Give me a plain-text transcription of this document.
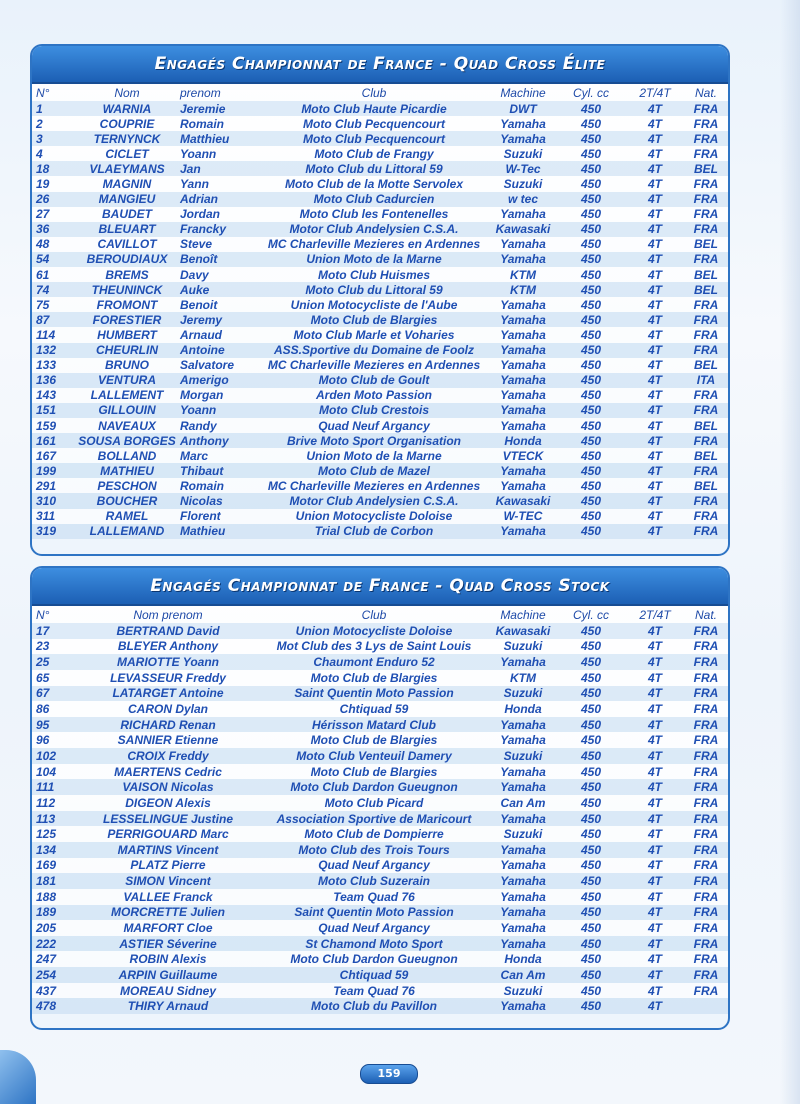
Engagés Championnat de France - Quad Cross Élite
N°	Nom	prenom	Club	Machine	Cyl. cc	2T/4T	Nat.
1	WARNIA	Jeremie	Moto Club Haute Picardie	DWT	450	4T	FRA
2	COUPRIE	Romain	Moto Club Pecquencourt	Yamaha	450	4T	FRA
3	TERNYNCK	Matthieu	Moto Club Pecquencourt	Yamaha	450	4T	FRA
4	CICLET	Yoann	Moto Club de Frangy	Suzuki	450	4T	FRA
18	VLAEYMANS	Jan	Moto Club du Littoral 59	W-Tec	450	4T	BEL
19	MAGNIN	Yann	Moto Club de la Motte Servolex	Suzuki	450	4T	FRA
26	MANGIEU	Adrian	Moto Club Cadurcien	w tec	450	4T	FRA
27	BAUDET	Jordan	Moto Club les Fontenelles	Yamaha	450	4T	FRA
36	BLEUART	Francky	Motor Club Andelysien C.S.A.	Kawasaki	450	4T	FRA
48	CAVILLOT	Steve	MC Charleville Mezieres en Ardennes	Yamaha	450	4T	BEL
54	BEROUDIAUX	Benoît	Union Moto de la Marne	Yamaha	450	4T	FRA
61	BREMS	Davy	Moto Club Huismes	KTM	450	4T	BEL
74	THEUNINCK	Auke	Moto Club du Littoral 59	KTM	450	4T	BEL
75	FROMONT	Benoit	Union Motocycliste de l'Aube	Yamaha	450	4T	FRA
87	FORESTIER	Jeremy	Moto Club de Blargies	Yamaha	450	4T	FRA
114	HUMBERT	Arnaud	Moto Club Marle et Voharies	Yamaha	450	4T	FRA
132	CHEURLIN	Antoine	ASS.Sportive du Domaine de Foolz	Yamaha	450	4T	FRA
133	BRUNO	Salvatore	MC Charleville Mezieres en Ardennes	Yamaha	450	4T	BEL
136	VENTURA	Amerigo	Moto Club de Goult	Yamaha	450	4T	ITA
143	LALLEMENT	Morgan	Arden Moto Passion	Yamaha	450	4T	FRA
151	GILLOUIN	Yoann	Moto Club Crestois	Yamaha	450	4T	FRA
159	NAVEAUX	Randy	Quad Neuf Argancy	Yamaha	450	4T	BEL
161	SOUSA BORGES	Anthony	Brive Moto Sport Organisation	Honda	450	4T	FRA
167	BOLLAND	Marc	Union Moto de la Marne	VTECK	450	4T	BEL
199	MATHIEU	Thibaut	Moto Club de Mazel	Yamaha	450	4T	FRA
291	PESCHON	Romain	MC Charleville Mezieres en Ardennes	Yamaha	450	4T	BEL
310	BOUCHER	Nicolas	Motor Club Andelysien C.S.A.	Kawasaki	450	4T	FRA
311	RAMEL	Florent	Union Motocycliste Doloise	W-TEC	450	4T	FRA
319	LALLEMAND	Mathieu	Trial Club de Corbon	Yamaha	450	4T	FRA
Engagés Championnat de France - Quad Cross Stock
N°	Nom prenom	Club	Machine	Cyl. cc	2T/4T	Nat.
17	BERTRAND David	Union Motocycliste Doloise	Kawasaki	450	4T	FRA
23	BLEYER Anthony	Mot Club des 3 Lys de Saint Louis	Suzuki	450	4T	FRA
25	MARIOTTE Yoann	Chaumont Enduro 52	Yamaha	450	4T	FRA
65	LEVASSEUR Freddy	Moto Club de Blargies	KTM	450	4T	FRA
67	LATARGET Antoine	Saint Quentin Moto Passion	Suzuki	450	4T	FRA
86	CARON Dylan	Chtiquad 59	Honda	450	4T	FRA
95	RICHARD Renan	Hérisson Matard Club	Yamaha	450	4T	FRA
96	SANNIER Etienne	Moto Club de Blargies	Yamaha	450	4T	FRA
102	CROIX Freddy	Moto Club Venteuil Damery	Suzuki	450	4T	FRA
104	MAERTENS Cedric	Moto Club de Blargies	Yamaha	450	4T	FRA
111	VAISON Nicolas	Moto Club Dardon Gueugnon	Yamaha	450	4T	FRA
112	DIGEON Alexis	Moto Club Picard	Can Am	450	4T	FRA
113	LESSELINGUE Justine	Association Sportive de Maricourt	Yamaha	450	4T	FRA
125	PERRIGOUARD Marc	Moto Club de Dompierre	Suzuki	450	4T	FRA
134	MARTINS Vincent	Moto Club des Trois Tours	Yamaha	450	4T	FRA
169	PLATZ Pierre	Quad Neuf Argancy	Yamaha	450	4T	FRA
181	SIMON Vincent	Moto Club Suzerain	Yamaha	450	4T	FRA
188	VALLEE Franck	Team Quad 76	Yamaha	450	4T	FRA
189	MORCRETTE Julien	Saint Quentin Moto Passion	Yamaha	450	4T	FRA
205	MARFORT Cloe	Quad Neuf Argancy	Yamaha	450	4T	FRA
222	ASTIER Séverine	St Chamond Moto Sport	Yamaha	450	4T	FRA
247	ROBIN Alexis	Moto Club Dardon Gueugnon	Honda	450	4T	FRA
254	ARPIN Guillaume	Chtiquad 59	Can Am	450	4T	FRA
437	MOREAU Sidney	Team Quad 76	Suzuki	450	4T	FRA
478	THIRY Arnaud	Moto Club du Pavillon	Yamaha	450	4T	
159
